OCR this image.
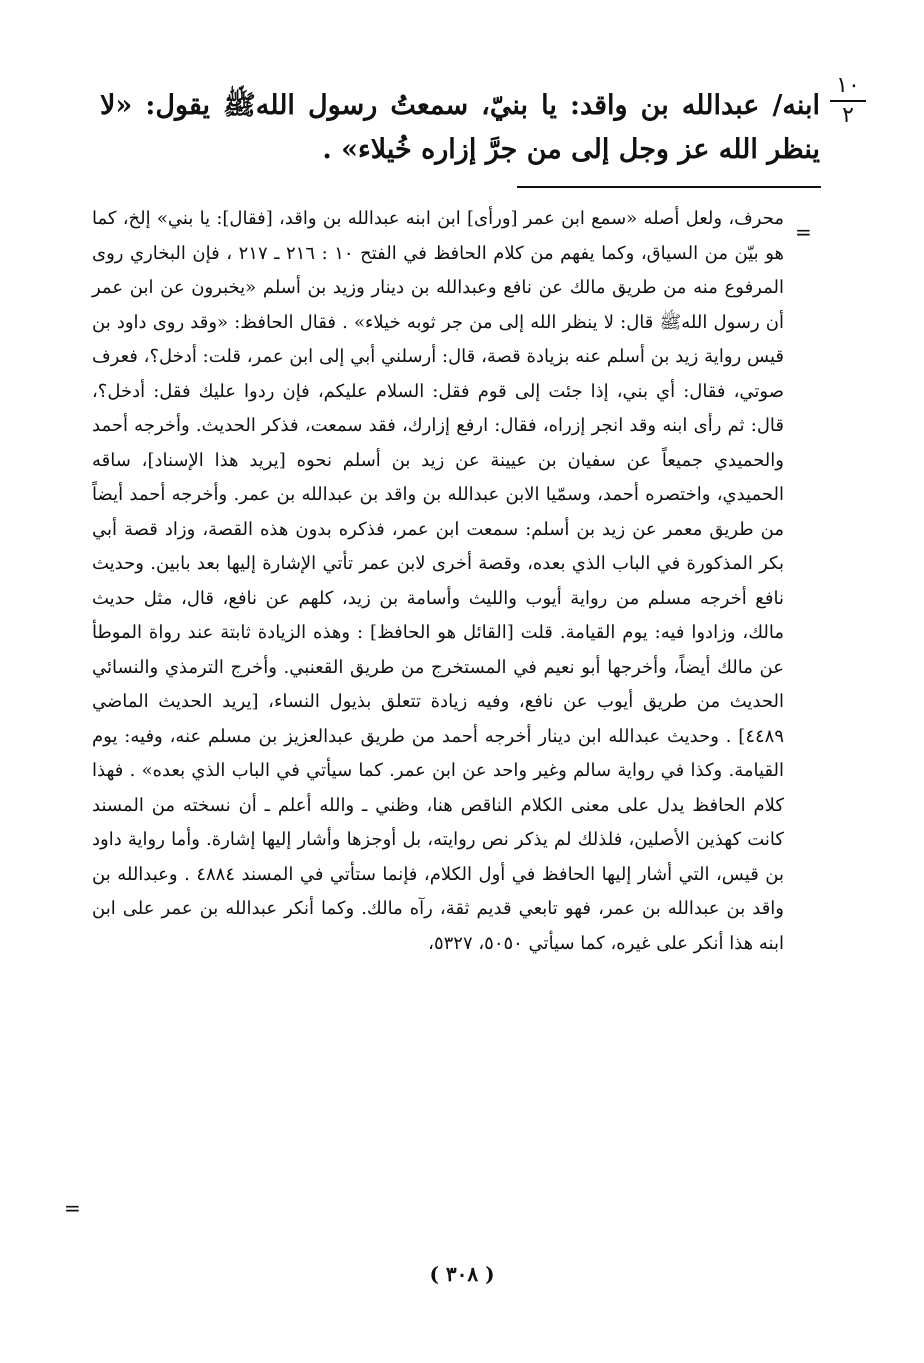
١٠
٢

ابنه/ عبدالله بن واقد: يا بنيّ، سمعتُ رسول اللهﷺ يقول: «لا ينظر الله عز وجل إلى من جرَّ إزاره خُيلاء» .

=

محرف، ولعل أصله «سمع ابن عمر [ورأى] ابن ابنه عبدالله بن واقد، [فقال]: يا بني» إلخ، كما هو بيّن من السياق، وكما يفهم من كلام الحافظ في الفتح ١٠ : ٢١٦ ـ ٢١٧ ، فإن البخاري روى المرفوع منه من طريق مالك عن نافع وعبدالله بن دينار وزيد بن أسلم «يخبرون عن ابن عمر أن رسول اللهﷺ قال: لا ينظر الله إلى من جر ثوبه خيلاء» . فقال الحافظ: «وقد روى داود بن قيس رواية زيد بن أسلم عنه بزيادة قصة، قال: أرسلني أبي إلى ابن عمر، قلت: أدخل؟، فعرف صوتي، فقال: أي بني، إذا جئت إلى قوم فقل: السلام عليكم، فإن ردوا عليك فقل: أدخل؟، قال: ثم رأى ابنه وقد انجر إزراه، فقال: ارفع إزارك، فقد سمعت، فذكر الحديث. وأخرجه أحمد والحميدي جميعاً عن سفيان بن عيينة عن زيد بن أسلم نحوه [يريد هذا الإسناد]، ساقه الحميدي، واختصره أحمد، وسمّيا الابن عبدالله بن واقد بن عبدالله بن عمر. وأخرجه أحمد أيضاً من طريق معمر عن زيد بن أسلم: سمعت ابن عمر، فذكره بدون هذه القصة، وزاد قصة أبي بكر المذكورة في الباب الذي بعده، وقصة أخرى لابن عمر تأتي الإشارة إليها بعد بابين. وحديث نافع أخرجه مسلم من رواية أيوب والليث وأسامة بن زيد، كلهم عن نافع، قال، مثل حديث مالك، وزادوا فيه: يوم القيامة. قلت [القائل هو الحافظ] : وهذه الزيادة ثابتة عند رواة الموطأ عن مالك أيضاً، وأخرجها أبو نعيم في المستخرج من طريق القعنبي. وأخرج الترمذي والنسائي الحديث من طريق أيوب عن نافع، وفيه زيادة تتعلق بذيول النساء، [يريد الحديث الماضي ٤٤٨٩] . وحديث عبدالله ابن دينار أخرجه أحمد من طريق عبدالعزيز بن مسلم عنه، وفيه: يوم القيامة. وكذا في رواية سالم وغير واحد عن ابن عمر. كما سيأتي في الباب الذي بعده» . فهذا كلام الحافظ يدل على معنى الكلام الناقص هنا، وظني ـ والله أعلم ـ أن نسخته من المسند كانت كهذين الأصلين، فلذلك لم يذكر نص روايته، بل أوجزها وأشار إليها إشارة. وأما رواية داود بن قيس، التي أشار إليها الحافظ في أول الكلام، فإنما ستأتي في المسند ٤٨٨٤ . وعبدالله بن واقد بن عبدالله بن عمر، فهو تابعي قديم ثقة، رآه مالك. وكما أنكر عبدالله بن عمر على ابن ابنه هذا أنكر على غيره، كما سيأتي ٥٠٥٠، ٥٣٢٧،

=
( ٣٠٨ )
